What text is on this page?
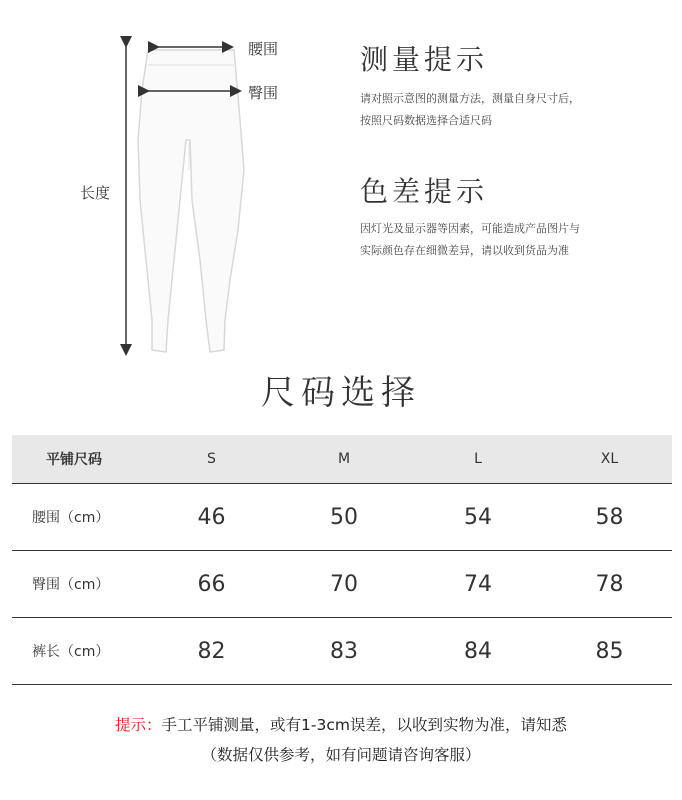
腰围
臀围
长度
测量提示
请对照示意图的测量方法，测量自身尺寸后，
按照尺码数据选择合适尺码
色差提示
因灯光及显示器等因素，可能造成产品图片与
实际颜色存在细微差异，请以收到货品为准
尺码选择
平铺尺码	S	M	L	XL
腰围（cm）	46	50	54	58
臀围（cm）	66	70	74	78
裤长（cm）	82	83	84	85
提示：手工平铺测量，或有1-3cm误差，以收到实物为准，请知悉
（数据仅供参考，如有问题请咨询客服）
